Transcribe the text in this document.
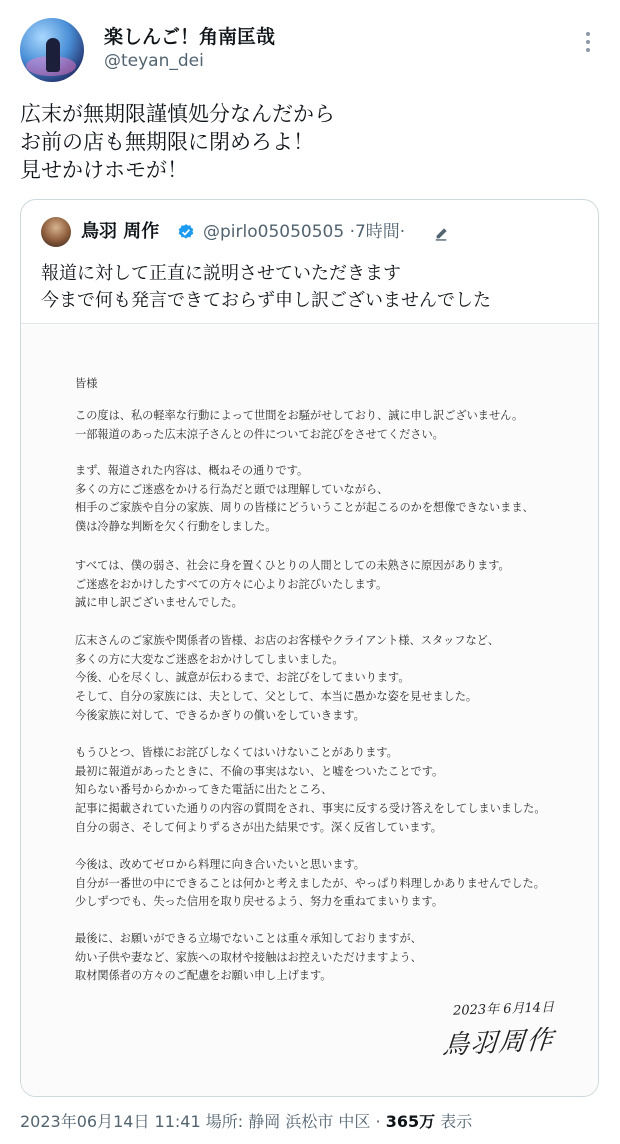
楽しんご！角南匡哉
@teyan_dei
広末が無期限謹慎処分なんだから
お前の店も無期限に閉めろよ！
見せかけホモが！
鳥羽 周作	@pirlo05050505 ·7時間·
報道に対して正直に説明させていただきます
今まで何も発言できておらず申し訳ございませんでした
皆様
この度は、私の軽率な行動によって世間をお騒がせしており、誠に申し訳ございません。
一部報道のあった広末涼子さんとの件についてお詫びをさせてください。
まず、報道された内容は、概ねその通りです。
多くの方にご迷惑をかける行為だと頭では理解していながら、
相手のご家族や自分の家族、周りの皆様にどういうことが起こるのかを想像できないまま、
僕は冷静な判断を欠く行動をしました。
すべては、僕の弱さ、社会に身を置くひとりの人間としての未熟さに原因があります。
ご迷惑をおかけしたすべての方々に心よりお詫びいたします。
誠に申し訳ございませんでした。
広末さんのご家族や関係者の皆様、お店のお客様やクライアント様、スタッフなど、
多くの方に大変なご迷惑をおかけしてしまいました。
今後、心を尽くし、誠意が伝わるまで、お詫びをしてまいります。
そして、自分の家族には、夫として、父として、本当に愚かな姿を見せました。
今後家族に対して、できるかぎりの償いをしていきます。
もうひとつ、皆様にお詫びしなくてはいけないことがあります。
最初に報道があったときに、不倫の事実はない、と嘘をついたことです。
知らない番号からかかってきた電話に出たところ、
記事に掲載されていた通りの内容の質問をされ、事実に反する受け答えをしてしまいました。
自分の弱さ、そして何よりずるさが出た結果です。深く反省しています。
今後は、改めてゼロから料理に向き合いたいと思います。
自分が一番世の中にできることは何かと考えましたが、やっぱり料理しかありませんでした。
少しずつでも、失った信用を取り戻せるよう、努力を重ねてまいります。
最後に、お願いができる立場でないことは重々承知しておりますが、
幼い子供や妻など、家族への取材や接触はお控えいただけますよう、
取材関係者の方々のご配慮をお願い申し上げます。
2023年 6月14日
鳥羽周作
2023年06月14日 11:41 場所: 静岡 浜松市 中区 · 365万 表示
